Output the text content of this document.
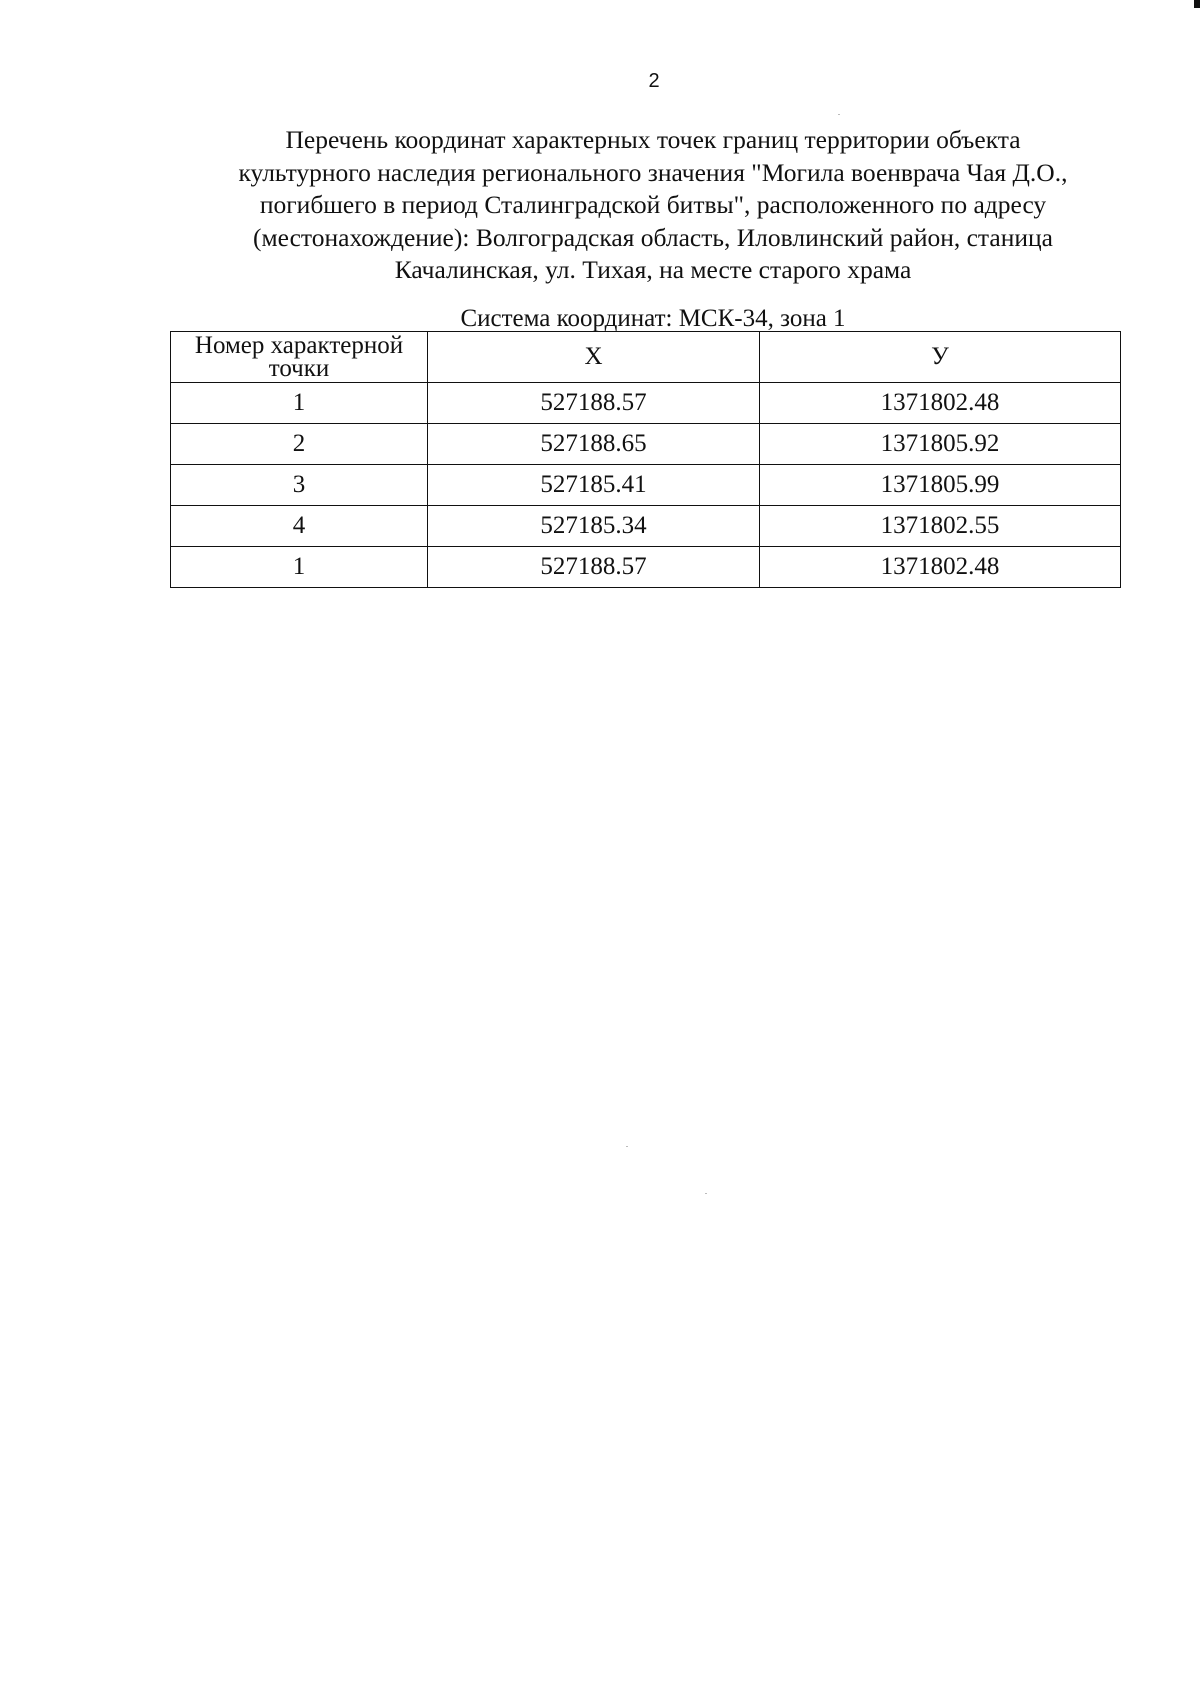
2
Перечень координат характерных точек границ территории объекта
культурного наследия регионального значения "Могила военврача Чая Д.О.,
погибшего в период Сталинградской битвы", расположенного по адресу
(местонахождение): Волгоградская область, Иловлинский район, станица
Качалинская, ул. Тихая, на месте старого храма
Система координат: МСК-34, зона 1
Номер характерной точки	X	У
1	527188.57	1371802.48
2	527188.65	1371805.92
3	527185.41	1371805.99
4	527185.34	1371802.55
1	527188.57	1371802.48
